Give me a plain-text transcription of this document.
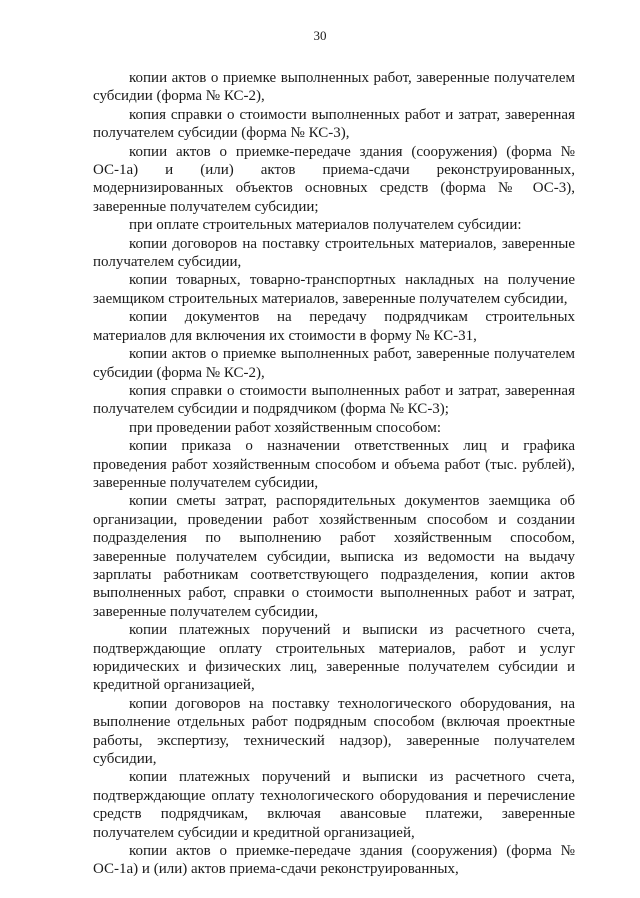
30

копии актов о приемке выполненных работ, заверенные получателем субсидии (форма № КС-2),

копия справки о стоимости выполненных работ и затрат, заверенная получателем субсидии (форма № КС-3),

копии актов о приемке-передаче здания (сооружения) (форма № ОС-1а) и (или) актов приема-сдачи реконструированных, модернизированных объектов основных средств (форма № ОС-3), заверенные получателем субсидии;

при оплате строительных материалов получателем субсидии:

копии договоров на поставку строительных материалов, заверенные получателем субсидии,

копии товарных, товарно-транспортных накладных на получение заемщиком строительных материалов, заверенные получателем субсидии,

копии документов на передачу подрядчикам строительных материалов для включения их стоимости в форму № КС-31,

копии актов о приемке выполненных работ, заверенные получателем субсидии (форма № КС-2),

копия справки о стоимости выполненных работ и затрат, заверенная получателем субсидии и подрядчиком (форма № КС-3);

при проведении работ хозяйственным способом:

копии приказа о назначении ответственных лиц и графика проведения работ хозяйственным способом и объема работ (тыс. рублей), заверенные получателем субсидии,

копии сметы затрат, распорядительных документов заемщика об организации, проведении работ хозяйственным способом и создании подразделения по выполнению работ хозяйственным способом, заверенные получателем субсидии, выписка из ведомости на выдачу зарплаты работникам соответствующего подразделения, копии актов выполненных работ, справки о стоимости выполненных работ и затрат, заверенные получателем субсидии,

копии платежных поручений и выписки из расчетного счета, подтверждающие оплату строительных материалов, работ и услуг юридических и физических лиц, заверенные получателем субсидии и кредитной организацией,

копии договоров на поставку технологического оборудования, на выполнение отдельных работ подрядным способом (включая проектные работы, экспертизу, технический надзор), заверенные получателем субсидии,

копии платежных поручений и выписки из расчетного счета, подтверждающие оплату технологического оборудования и перечисление средств подрядчикам, включая авансовые платежи, заверенные получателем субсидии и кредитной организацией,

копии актов о приемке-передаче здания (сооружения) (форма № ОС-1а) и (или) актов приема-сдачи реконструированных,
